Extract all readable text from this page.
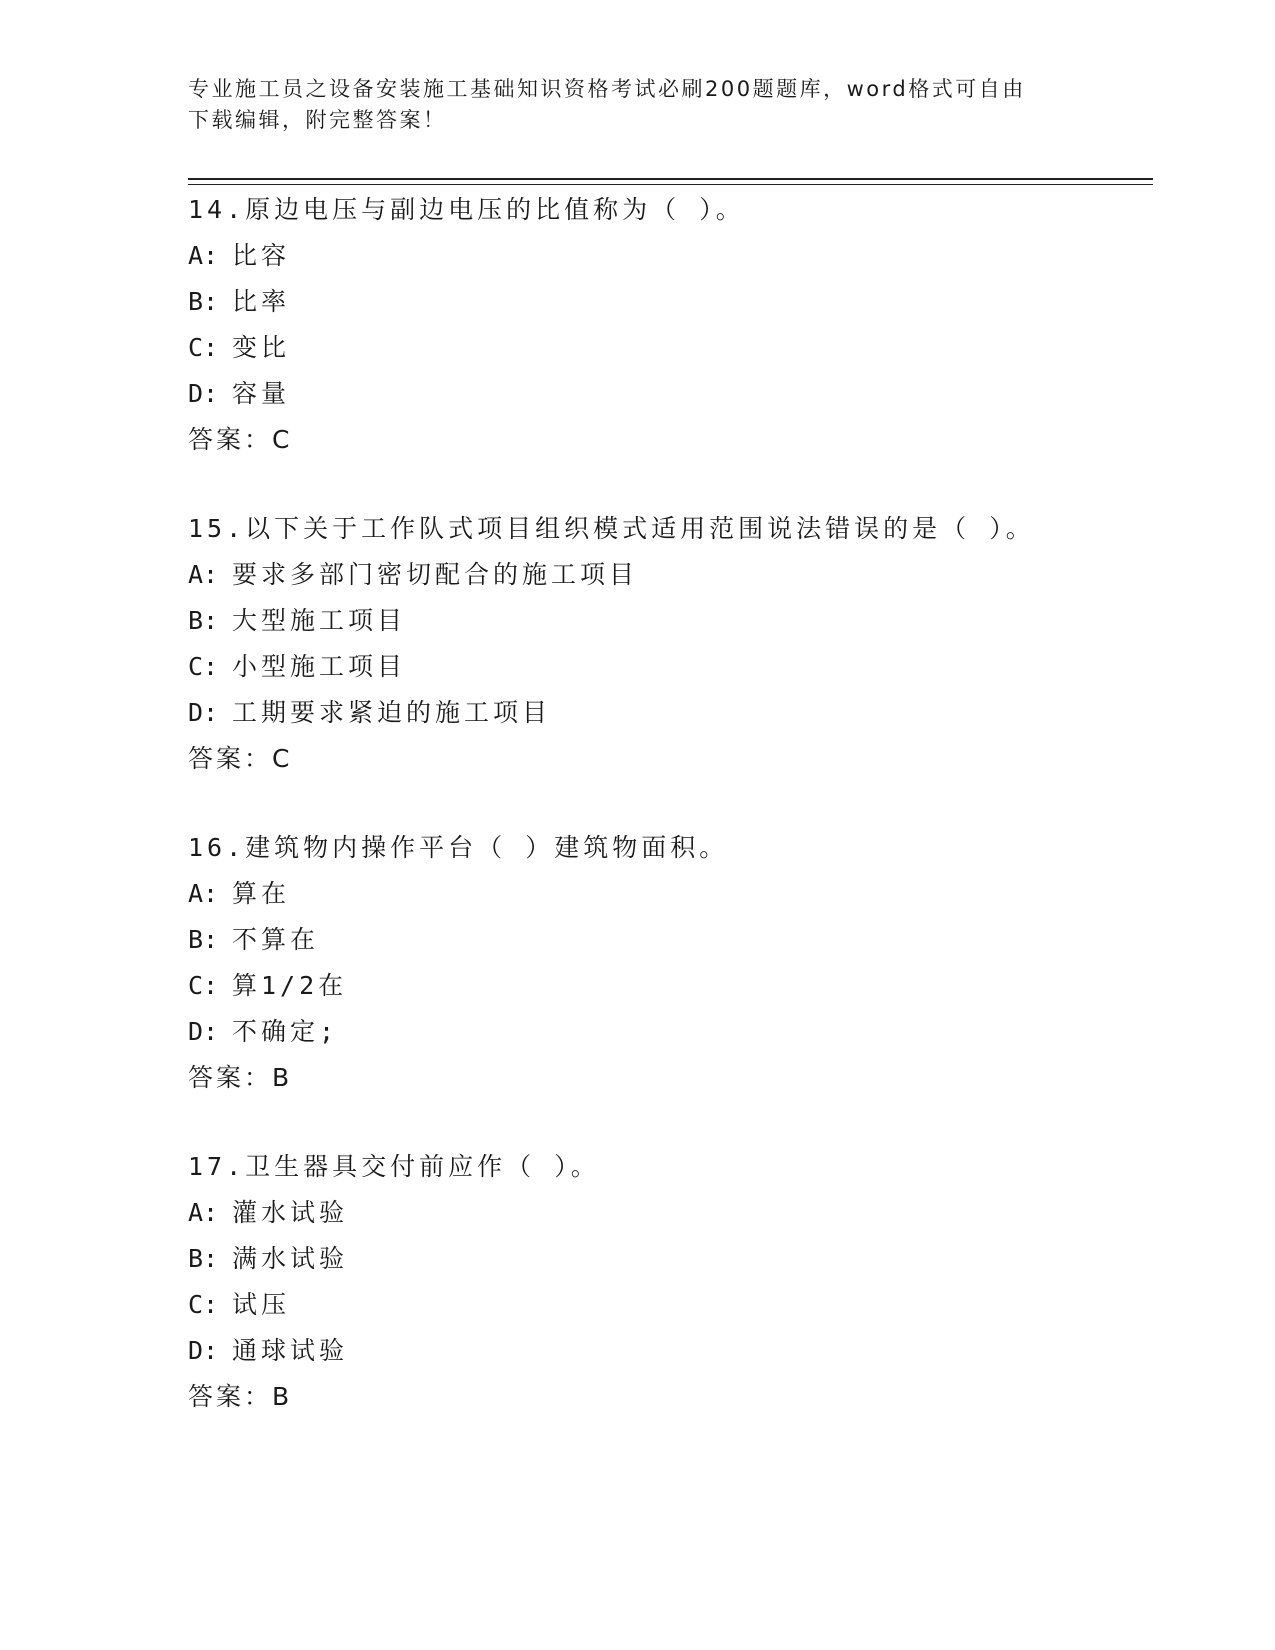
专业施工员之设备安装施工基础知识资格考试必刷200题题库，word格式可自由
下载编辑，附完整答案！
14.原边电压与副边电压的比值称为（ ）。
A: 比容
B: 比率
C: 变比
D: 容量
答案：C
15.以下关于工作队式项目组织模式适用范围说法错误的是（ ）。
A: 要求多部门密切配合的施工项目
B: 大型施工项目
C: 小型施工项目
D: 工期要求紧迫的施工项目
答案：C
16.建筑物内操作平台（ ）建筑物面积。
A: 算在
B: 不算在
C: 算1/2在
D: 不确定;
答案：B
17.卫生器具交付前应作（ ）。
A: 灌水试验
B: 满水试验
C: 试压
D: 通球试验
答案：B
